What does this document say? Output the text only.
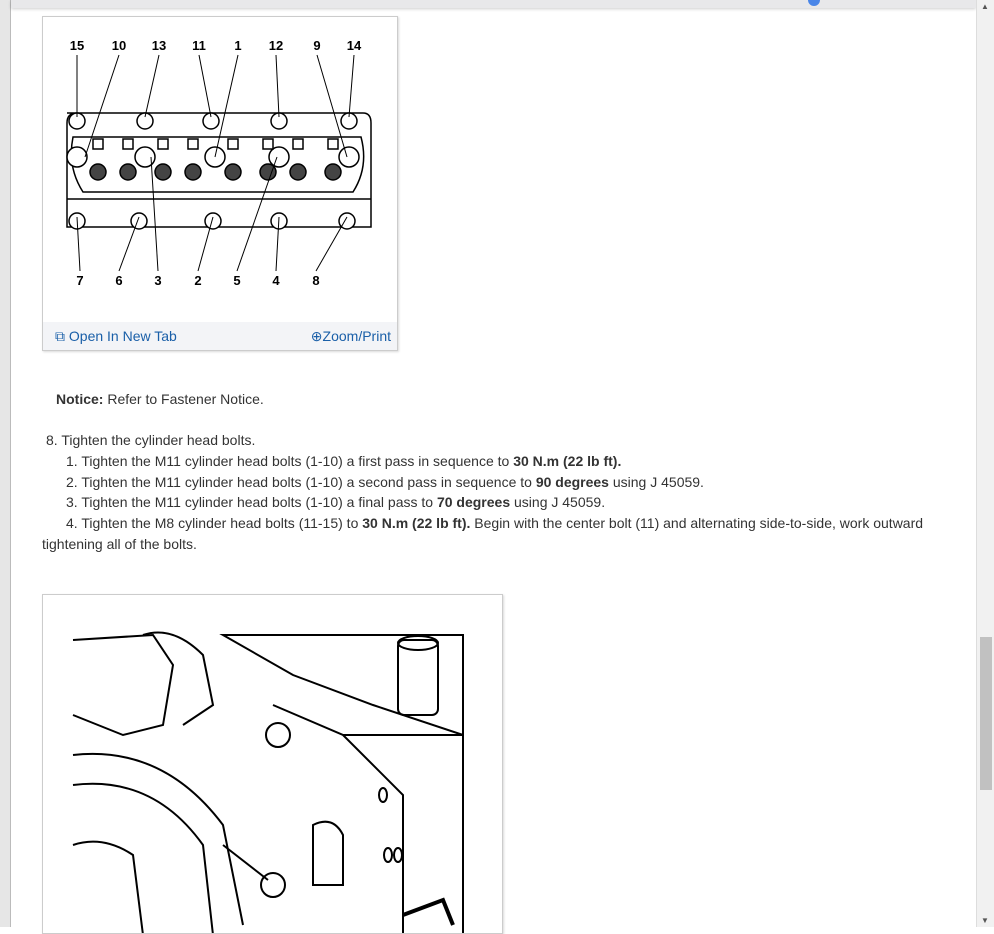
▲
▼
15 10 13 11 1 12 9 14
7 6 3	2 5 4	8
⧉ Open In New Tab	⊕Zoom/Print
Notice: Refer to Fastener Notice.
8. Tighten the cylinder head bolts.
1. Tighten the M11 cylinder head bolts (1-10) a first pass in sequence to 30 N.m (22 lb ft).
2. Tighten the M11 cylinder head bolts (1-10) a second pass in sequence to 90 degrees using J 45059.
3. Tighten the M11 cylinder head bolts (1-10) a final pass to 70 degrees using J 45059.
4. Tighten the M8 cylinder head bolts (11-15) to 30 N.m (22 lb ft). Begin with the center bolt (11) and alternating side-to-side, work outward
tightening all of the bolts.
